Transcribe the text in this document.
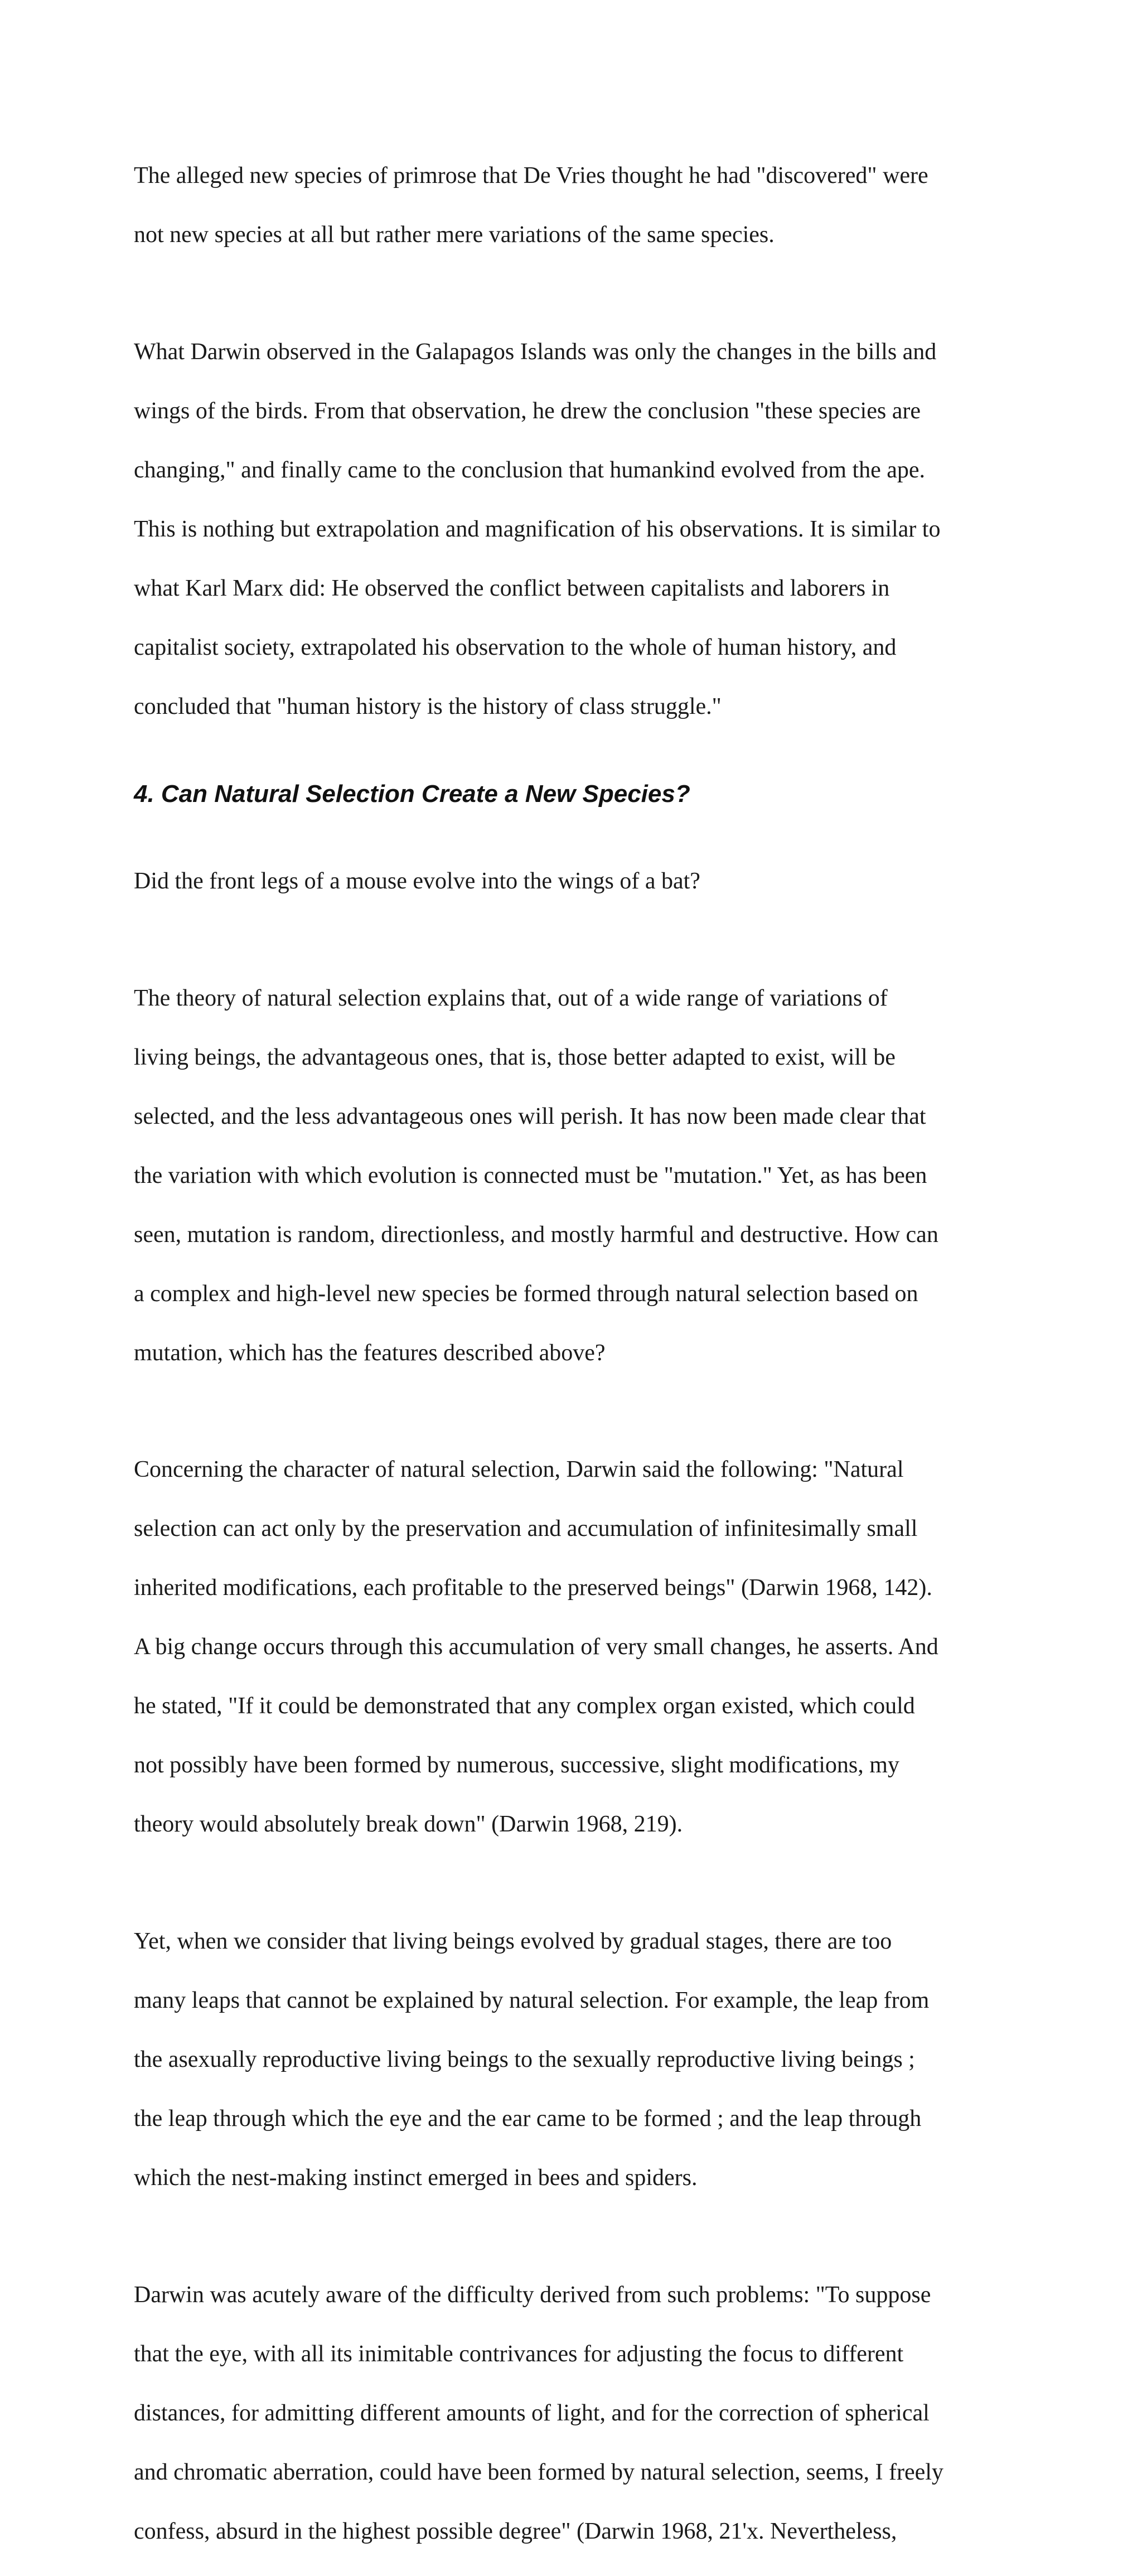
The alleged new species of primrose that De Vries thought he had "discovered" were

not new species at all but rather mere variations of the same species.

What Darwin observed in the Galapagos Islands was only the changes in the bills and

wings of the birds. From that observation, he drew the conclusion "these species are

changing," and finally came to the conclusion that humankind evolved from the ape.

This is nothing but extrapolation and magnification of his observations. It is similar to

what Karl Marx did: He observed the conflict between capitalists and laborers in

capitalist society, extrapolated his observation to the whole of human history, and

concluded that "human history is the history of class struggle."

4. Can Natural Selection Create a New Species?

Did the front legs of a mouse evolve into the wings of a bat?

The theory of natural selection explains that, out of a wide range of variations of

living beings, the advantageous ones, that is, those better adapted to exist, will be

selected, and the less advantageous ones will perish. It has now been made clear that

the variation with which evolution is connected must be "mutation." Yet, as has been

seen, mutation is random, directionless, and mostly harmful and destructive. How can

a complex and high-level new species be formed through natural selection based on

mutation, which has the features described above?

Concerning the character of natural selection, Darwin said the following: "Natural

selection can act only by the preservation and accumulation of infinitesimally small

inherited modifications, each profitable to the preserved beings" (Darwin 1968, 142).

A big change occurs through this accumulation of very small changes, he asserts. And

he stated, "If it could be demonstrated that any complex organ existed, which could

not possibly have been formed by numerous, successive, slight modifications, my

theory would absolutely break down" (Darwin 1968, 219).

Yet, when we consider that living beings evolved by gradual stages, there are too

many leaps that cannot be explained by natural selection. For example, the leap from

the asexually reproductive living beings to the sexually reproductive living beings ;

the leap through which the eye and the ear came to be formed ; and the leap through

which the nest-making instinct emerged in bees and spiders.

Darwin was acutely aware of the difficulty derived from such problems: "To suppose

that the eye, with all its inimitable contrivances for adjusting the focus to different

distances, for admitting different amounts of light, and for the correction of spherical

and chromatic aberration, could have been formed by natural selection, seems, I freely

confess, absurd in the highest possible degree" (Darwin 1968, 21'x. Nevertheless,
